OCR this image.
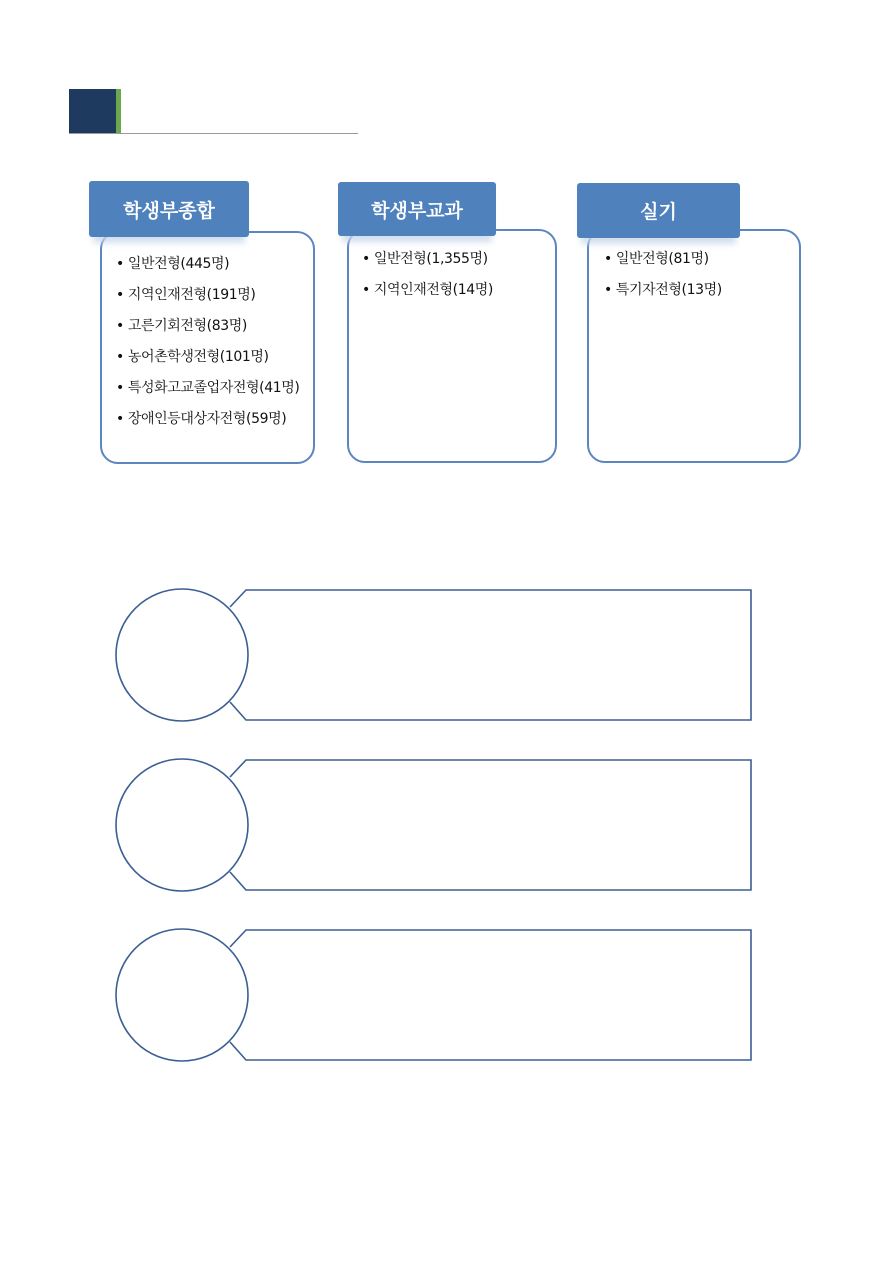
학생부종합
• 일반전형(445명)
• 지역인재전형(191명)
• 고른기회전형(83명)
• 농어촌학생전형(101명)
• 특성화고교졸업자전형(41명)
• 장애인등대상자전형(59명)
학생부교과
• 일반전형(1,355명)
• 지역인재전형(14명)
실기
• 일반전형(81명)
• 특기자전형(13명)
